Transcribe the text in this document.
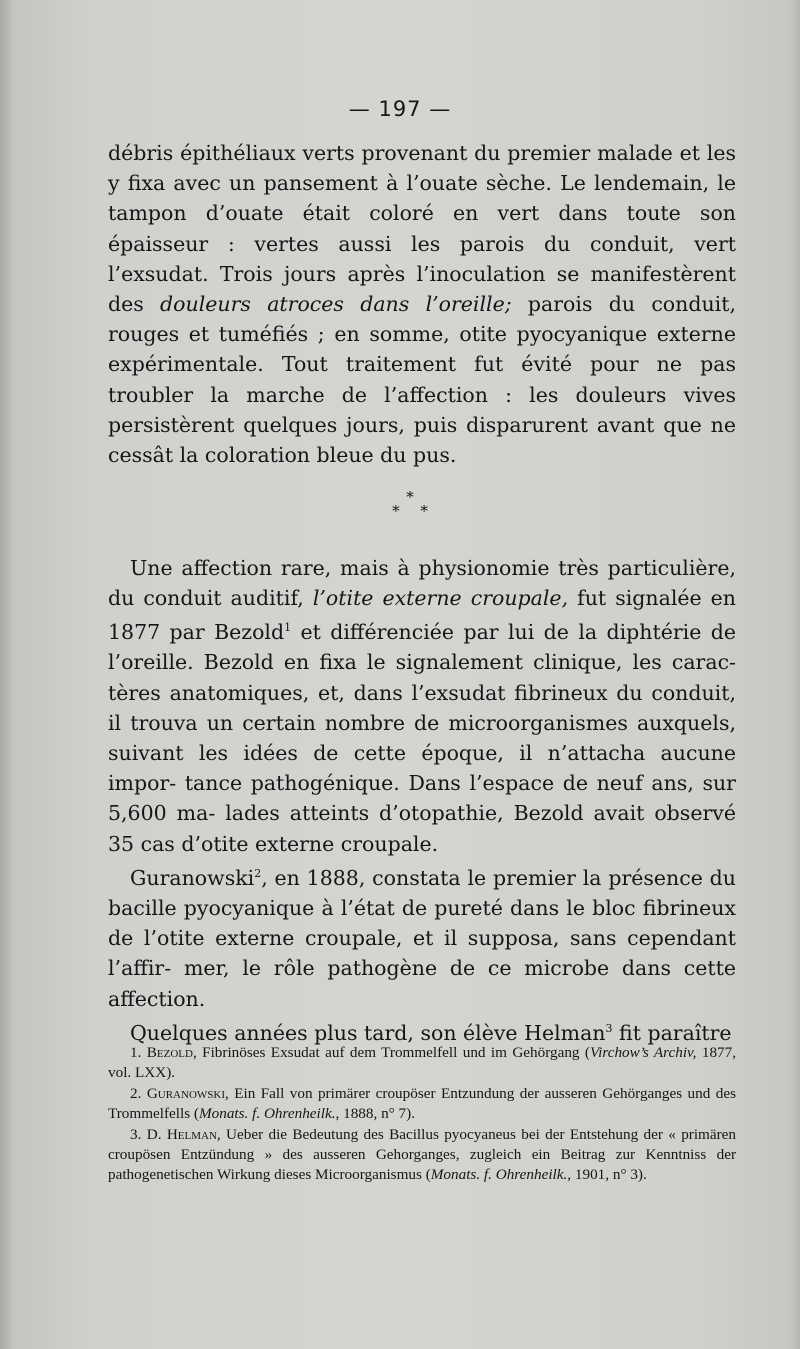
— 197 —

débris épithéliaux verts provenant du premier malade et les y fixa avec un pansement à l’ouate sèche. Le lendemain, le tampon d’ouate était coloré en vert dans toute son épaisseur : vertes aussi les parois du conduit, vert l’exsudat. Trois jours après l’inoculation se manifestèrent des douleurs atroces dans l’oreille; parois du conduit, rouges et tuméfiés ; en somme, otite pyocyanique externe expérimentale. Tout traitement fut évité pour ne pas troubler la marche de l’affection : les douleurs vives persistèrent quelques jours, puis disparurent avant que ne cessât la coloration bleue du pus.

*
* *

Une affection rare, mais à physionomie très particulière, du conduit auditif, l’otite externe croupale, fut signalée en 1877 par Bezold$^1$ et différenciée par lui de la diphtérie de l’oreille. Bezold en fixa le signalement clinique, les carac- tères anatomiques, et, dans l’exsudat fibrineux du conduit, il trouva un certain nombre de microorganismes auxquels, suivant les idées de cette époque, il n’attacha aucune impor- tance pathogénique. Dans l’espace de neuf ans, sur 5,600 ma- lades atteints d’otopathie, Bezold avait observé 35 cas d’otite externe croupale.

Guranowski$^2$, en 1888, constata le premier la présence du bacille pyocyanique à l’état de pureté dans le bloc fibrineux de l’otite externe croupale, et il supposa, sans cependant l’affir- mer, le rôle pathogène de ce microbe dans cette affection.

Quelques années plus tard, son élève Helman$^3$ fit paraître

1. Bezold, Fibrinöses Exsudat auf dem Trommelfell und im Gehörgang (Virchow’s Archiv, 1877, vol. LXX).

2. Guranowski, Ein Fall von primärer croupöser Entzundung der ausseren Gehörganges und des Trommelfells (Monats. f. Ohrenheilk., 1888, n° 7).

3. D. Helman, Ueber die Bedeutung des Bacillus pyocyaneus bei der Entstehung der « primären croupösen Entzündung » des ausseren Gehorganges, zugleich ein Beitrag zur Kenntniss der pathogenetischen Wirkung dieses Microorganismus (Monats. f. Ohrenheilk., 1901, n° 3).
